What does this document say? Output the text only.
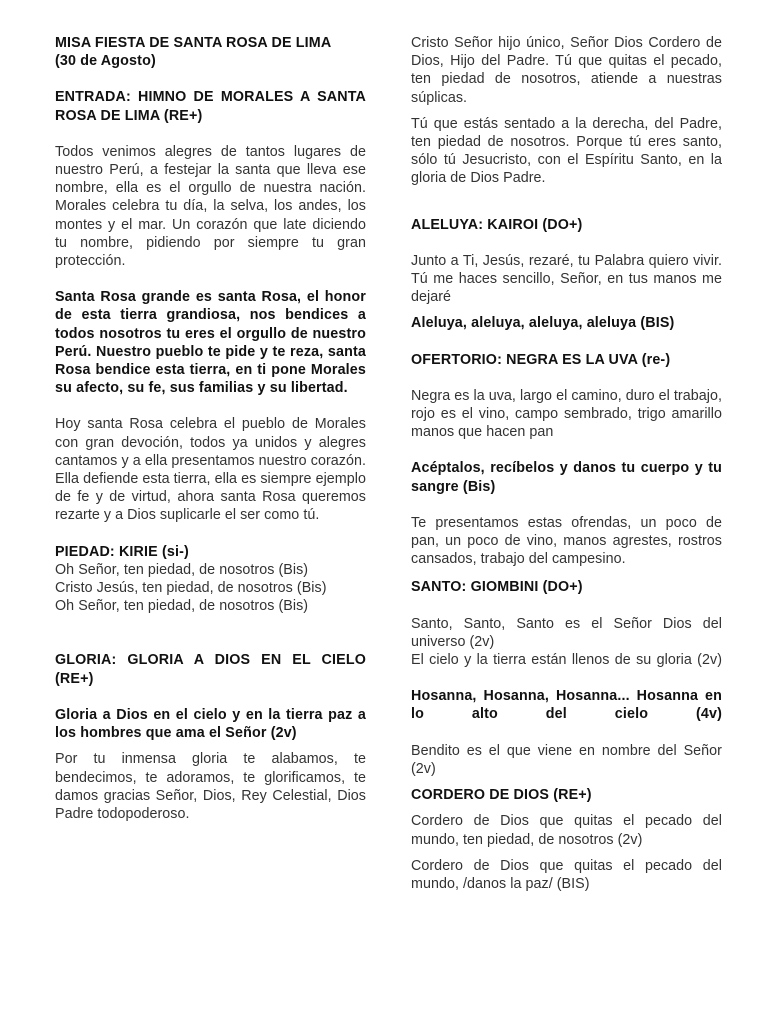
MISA FIESTA DE SANTA ROSA DE LIMA

(30 de Agosto)

ENTRADA: HIMNO DE MORALES A SANTA ROSA DE LIMA (RE+)

Todos venimos alegres de tantos lugares de nuestro Perú, a festejar la santa que lleva ese nombre, ella es el orgullo de nuestra nación. Morales celebra tu día, la selva, los andes, los montes y el mar. Un corazón que late diciendo tu nombre, pidiendo por siempre tu gran protección.

Santa Rosa grande es santa Rosa, el honor de esta tierra grandiosa, nos bendices a todos nosotros tu eres el orgullo de nuestro Perú. Nuestro pueblo te pide y te reza, santa Rosa bendice esta tierra, en ti pone Morales su afecto, su fe, sus familias y su libertad.

Hoy santa Rosa celebra el pueblo de Morales con gran devoción, todos ya unidos y alegres cantamos y a ella presentamos nuestro corazón. Ella defiende esta tierra, ella es siempre ejemplo de fe y de virtud, ahora santa Rosa queremos rezarte y a Dios suplicarle el ser como tú.

PIEDAD: KIRIE (si-)

Oh Señor, ten piedad, de nosotros (Bis)

Cristo Jesús, ten piedad, de nosotros (Bis)

Oh Señor, ten piedad, de nosotros (Bis)

GLORIA: GLORIA A DIOS EN EL CIELO (RE+)

Gloria a Dios en el cielo y en la tierra paz a los hombres que ama el Señor (2v)

Por tu inmensa gloria te alabamos, te bendecimos, te adoramos, te glorificamos, te damos gracias Señor, Dios, Rey Celestial, Dios Padre todopoderoso.

Cristo Señor hijo único, Señor Dios Cordero de Dios, Hijo del Padre. Tú que quitas el pecado, ten piedad de nosotros, atiende a nuestras súplicas.

Tú que estás sentado a la derecha, del Padre, ten piedad de nosotros. Porque tú eres santo, sólo tú Jesucristo, con el Espíritu Santo, en la gloria de Dios Padre.

ALELUYA: KAIROI (DO+)

Junto a Ti, Jesús, rezaré, tu Palabra quiero vivir. Tú me haces sencillo, Señor, en tus manos me dejaré

Aleluya, aleluya, aleluya, aleluya (BIS)

OFERTORIO: NEGRA ES LA UVA (re-)

Negra es la uva, largo el camino, duro el trabajo, rojo es el vino, campo sembrado, trigo amarillo manos que hacen pan

Acéptalos, recíbelos y danos tu cuerpo y tu sangre (Bis)

Te presentamos estas ofrendas, un poco de pan, un poco de vino, manos agrestes, rostros cansados, trabajo del campesino.

SANTO: GIOMBINI (DO+)

Santo, Santo, Santo es el Señor Dios del universo (2v)

El cielo y la tierra están llenos de su gloria (2v)

Hosanna, Hosanna, Hosanna... Hosanna en lo alto del cielo (4v)

Bendito es el que viene en nombre del Señor (2v)

CORDERO DE DIOS (RE+)

Cordero de Dios que quitas el pecado del mundo, ten piedad, de nosotros (2v)

Cordero de Dios que quitas el pecado del mundo, /danos la paz/ (BIS)
